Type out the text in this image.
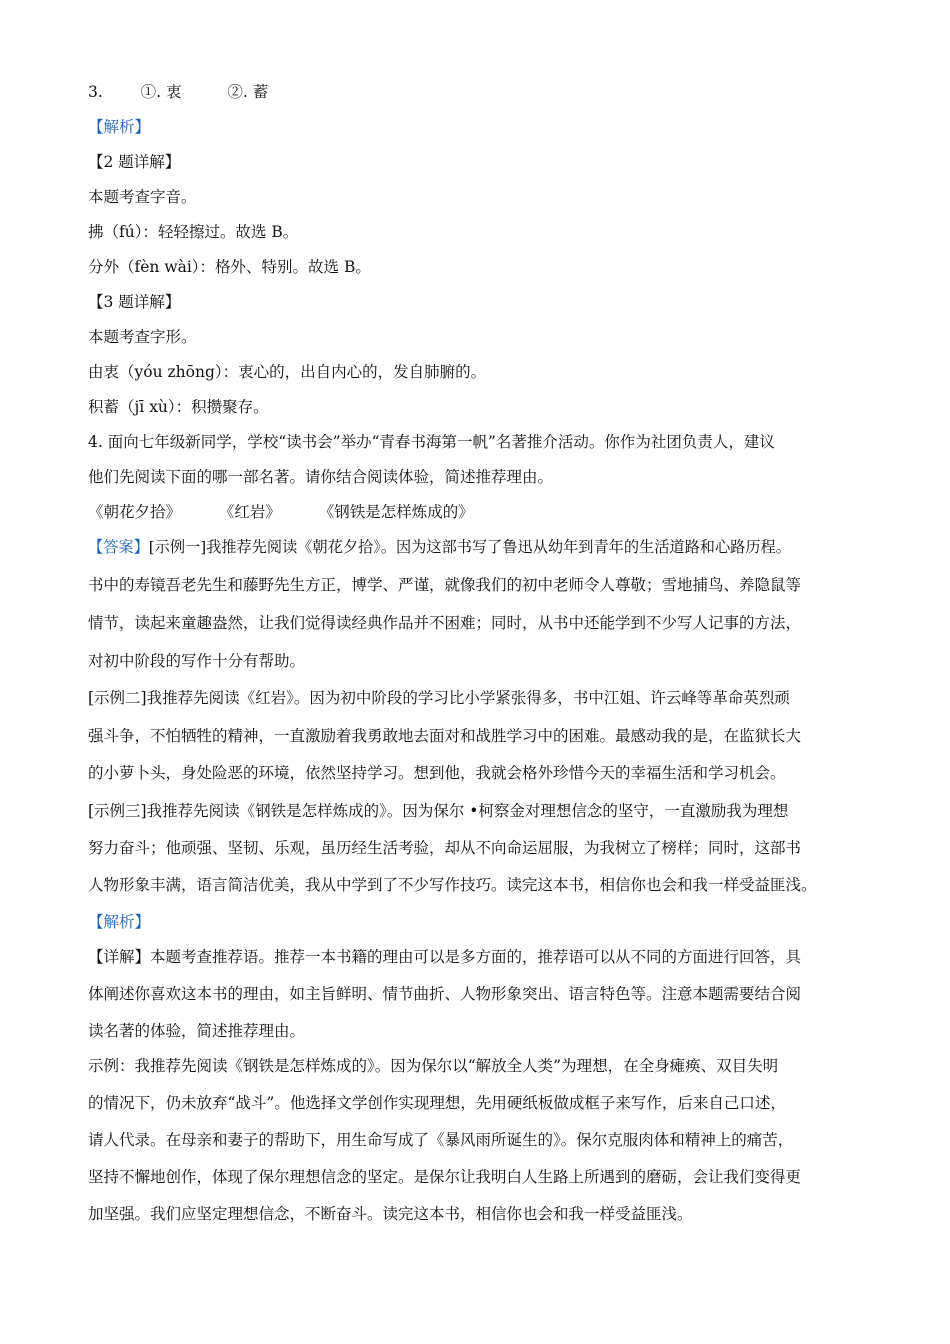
3. ①. 衷	②. 蓄
【解析】
【2 题详解】
本题考查字音。
拂（fú）：轻轻擦过。故选 B。
分外（fèn wài）：格外、特别。故选 B。
【3 题详解】
本题考查字形。
由衷（yóu zhōng）：衷心的，出自内心的，发自肺腑的。
积蓄（jī xù）：积攒聚存。
4. 面向七年级新同学，学校“读书会”举办“青春书海第一帆”名著推介活动。你作为社团负责人，建议
他们先阅读下面的哪一部名著。请你结合阅读体验，简述推荐理由。
《朝花夕拾》 《红岩》 《钢铁是怎样炼成的》
【答案】[示例一]我推荐先阅读《朝花夕拾》。因为这部书写了鲁迅从幼年到青年的生活道路和心路历程。
书中的寿镜吾老先生和藤野先生方正，博学、严谨，就像我们的初中老师令人尊敬；雪地捕鸟、养隐鼠等
情节，读起来童趣盎然，让我们觉得读经典作品并不困难；同时，从书中还能学到不少写人记事的方法，
对初中阶段的写作十分有帮助。
[示例二]我推荐先阅读《红岩》。因为初中阶段的学习比小学紧张得多，书中江姐、许云峰等革命英烈顽
强斗争，不怕牺牲的精神，一直激励着我勇敢地去面对和战胜学习中的困难。最感动我的是，在监狱长大
的小萝卜头，身处险恶的环境，依然坚持学习。想到他，我就会格外珍惜今天的幸福生活和学习机会。
[示例三]我推荐先阅读《钢铁是怎样炼成的》。因为保尔 •柯察金对理想信念的坚守，一直激励我为理想
努力奋斗；他顽强、坚韧、乐观，虽历经生活考验，却从不向命运屈服，为我树立了榜样；同时，这部书
人物形象丰满，语言简洁优美，我从中学到了不少写作技巧。读完这本书，相信你也会和我一样受益匪浅。
【解析】
【详解】本题考查推荐语。推荐一本书籍的理由可以是多方面的，推荐语可以从不同的方面进行回答，具
体阐述你喜欢这本书的理由，如主旨鲜明、情节曲折、人物形象突出、语言特色等。注意本题需要结合阅
读名著的体验，简述推荐理由。
示例：我推荐先阅读《钢铁是怎样炼成的》。因为保尔以“解放全人类”为理想，在全身瘫痪、双目失明
的情况下，仍未放弃“战斗”。他选择文学创作实现理想，先用硬纸板做成框子来写作，后来自己口述，
请人代录。在母亲和妻子的帮助下，用生命写成了《暴风雨所诞生的》。保尔克服肉体和精神上的痛苦，
坚持不懈地创作，体现了保尔理想信念的坚定。是保尔让我明白人生路上所遇到的磨砺，会让我们变得更
加坚强。我们应坚定理想信念，不断奋斗。读完这本书，相信你也会和我一样受益匪浅。
